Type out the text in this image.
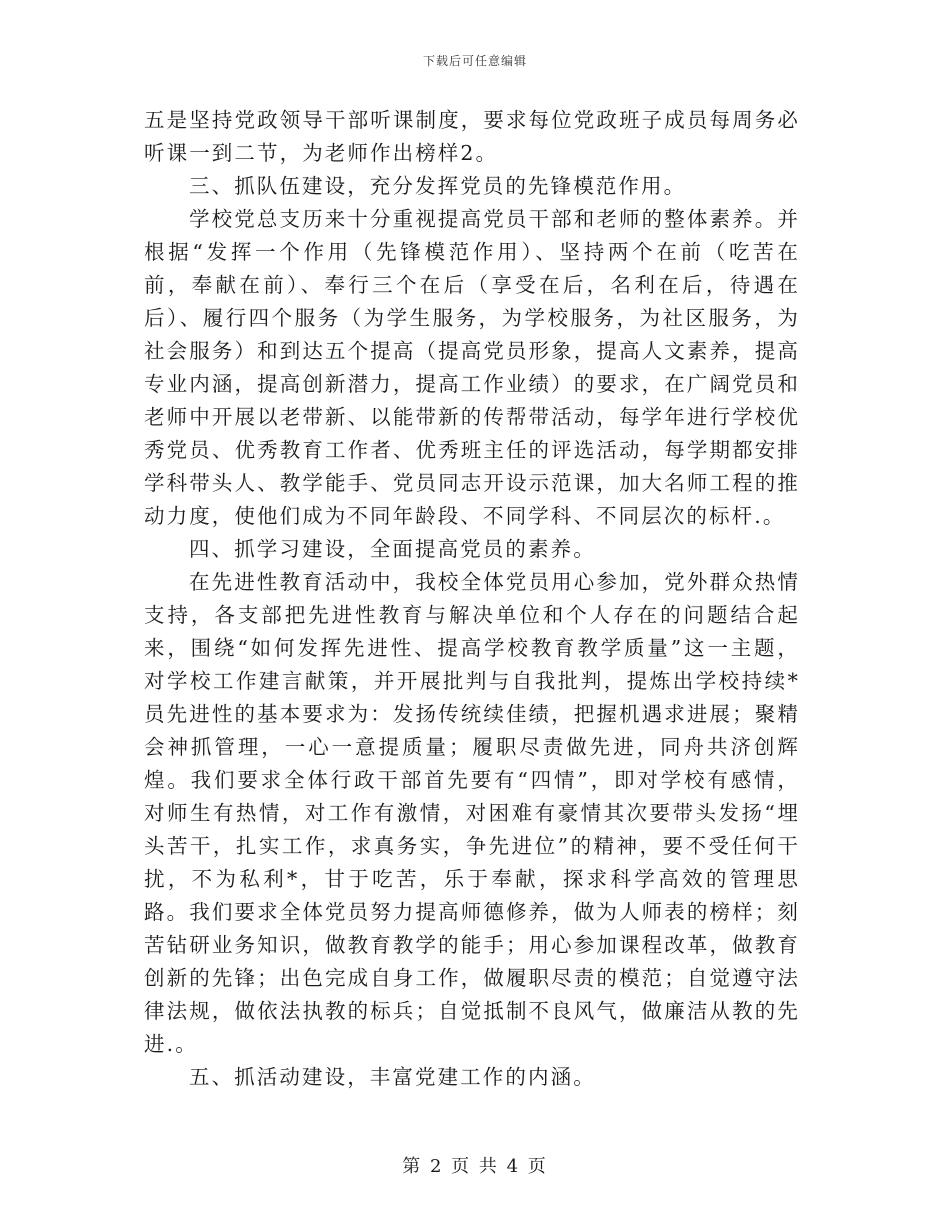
下载后可任意编辑

五是坚持党政领导干部听课制度，要求每位党政班子成员每周务必听课一到二节，为老师作出榜样2。

三、抓队伍建设，充分发挥党员的先锋模范作用。

学校党总支历来十分重视提高党员干部和老师的整体素养。并根据“发挥一个作用（先锋模范作用）、坚持两个在前（吃苦在前，奉献在前）、奉行三个在后（享受在后，名利在后，待遇在后）、履行四个服务（为学生服务，为学校服务，为社区服务，为社会服务）和到达五个提高（提高党员形象，提高人文素养，提高专业内涵，提高创新潜力，提高工作业绩）的要求，在广阔党员和老师中开展以老带新、以能带新的传帮带活动，每学年进行学校优秀党员、优秀教育工作者、优秀班主任的评选活动，每学期都安排学科带头人、教学能手、党员同志开设示范课，加大名师工程的推动力度，使他们成为不同年龄段、不同学科、不同层次的标杆.。

四、抓学习建设，全面提高党员的素养。

在先进性教育活动中，我校全体党员用心参加，党外群众热情支持，各支部把先进性教育与解决单位和个人存在的问题结合起来，围绕“如何发挥先进性、提高学校教育教学质量”这一主题，对学校工作建言献策，并开展批判与自我批判，提炼出学校持续*员先进性的基本要求为：发扬传统续佳绩，把握机遇求进展；聚精会神抓管理，一心一意提质量；履职尽责做先进，同舟共济创辉煌。我们要求全体行政干部首先要有“四情”，即对学校有感情，对师生有热情，对工作有激情，对困难有豪情其次要带头发扬“埋头苦干，扎实工作，求真务实，争先进位”的精神，要不受任何干扰，不为私利*，甘于吃苦，乐于奉献，探求科学高效的管理思路。我们要求全体党员努力提高师德修养，做为人师表的榜样；刻苦钻研业务知识，做教育教学的能手；用心参加课程改革，做教育创新的先锋；出色完成自身工作，做履职尽责的模范；自觉遵守法律法规，做依法执教的标兵；自觉抵制不良风气，做廉洁从教的先进.。

五、抓活动建设，丰富党建工作的内涵。

第 2 页 共 4 页
